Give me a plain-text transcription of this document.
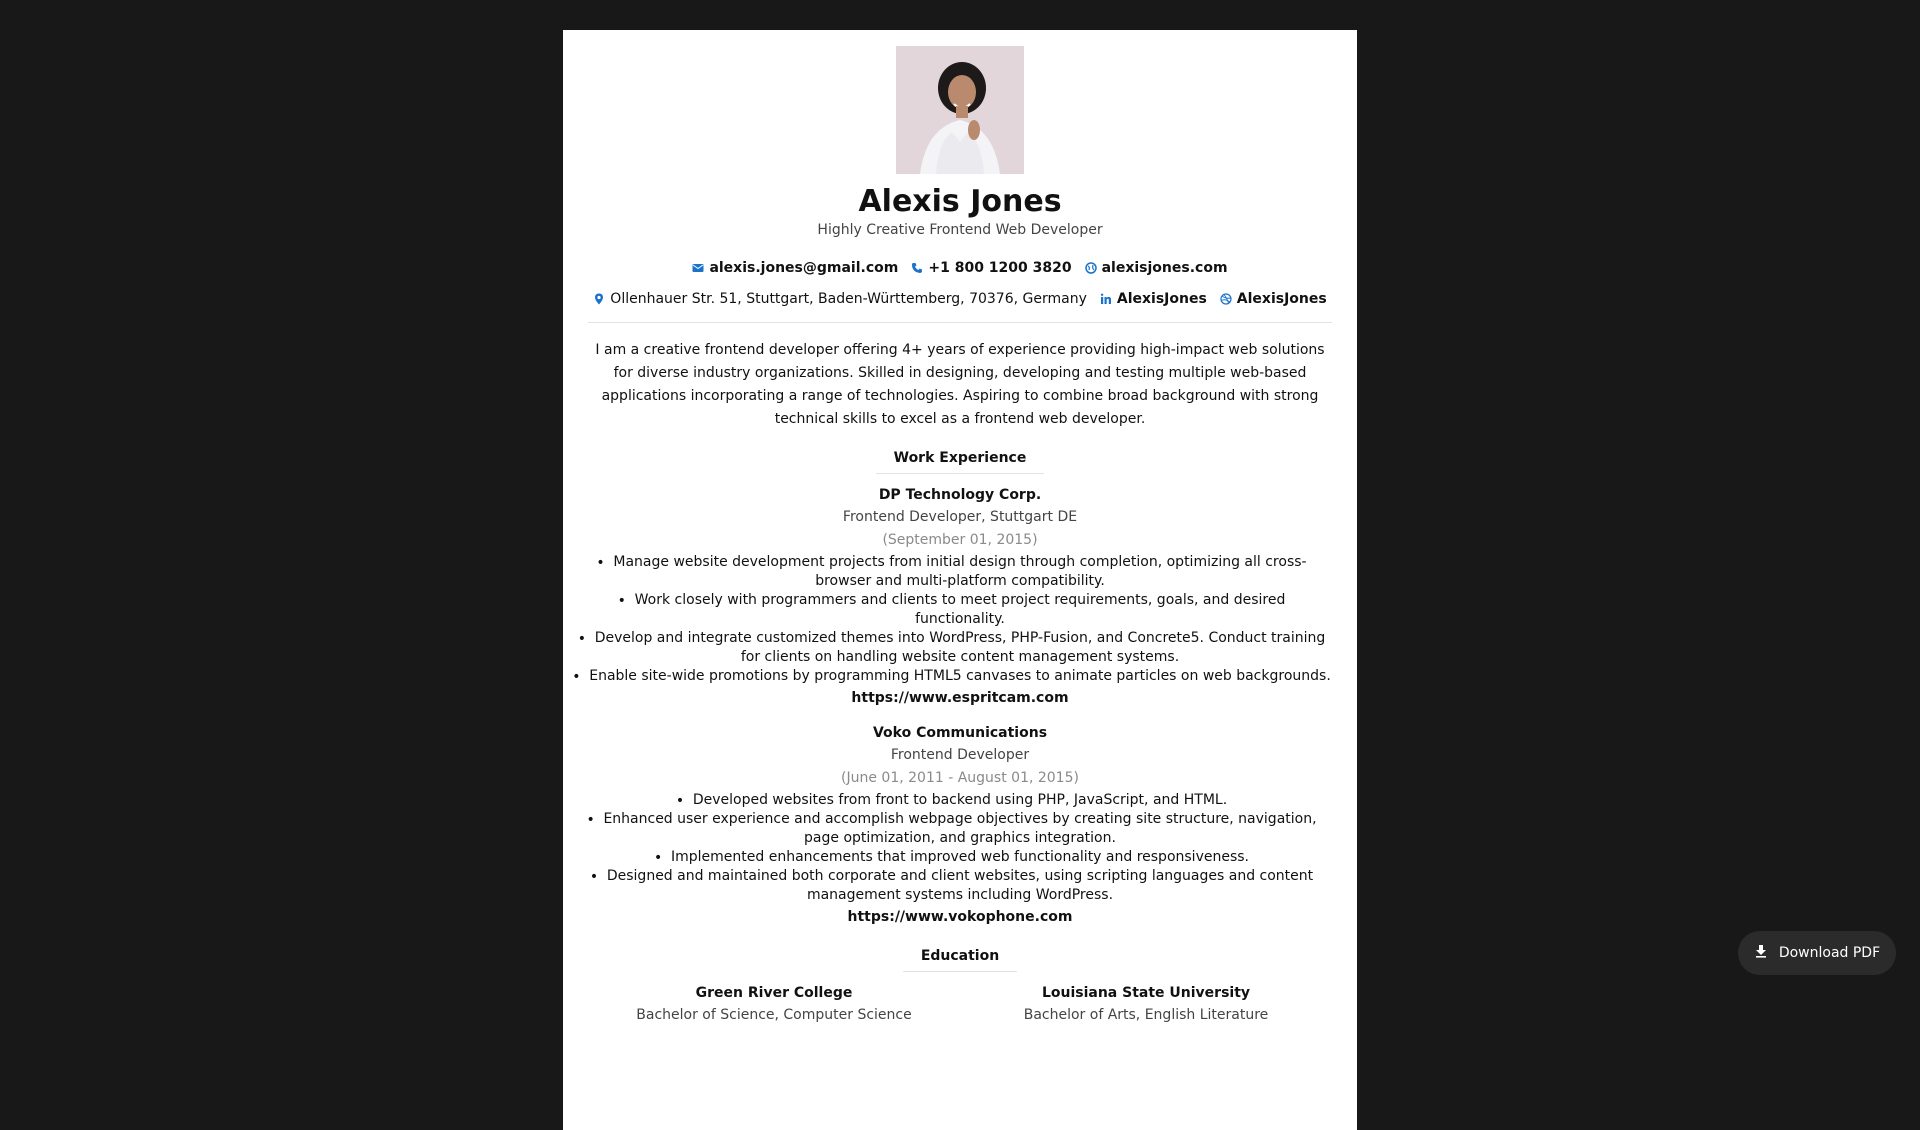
Alexis Jones
Highly Creative Frontend Web Developer
alexis.jones@gmail.com +1 800 1200 3820 alexisjones.com
Ollenhauer Str. 51, Stuttgart, Baden-Württemberg, 70376, Germany AlexisJones AlexisJones

I am a creative frontend developer offering 4+ years of experience providing high-impact web solutions for diverse industry organizations. Skilled in designing, developing and testing multiple web-based applications incorporating a range of technologies. Aspiring to combine broad background with strong technical skills to excel as a frontend web developer.

Work Experience
DP Technology Corp.
Frontend Developer, Stuttgart DE
(September 01, 2015)
• Manage website development projects from initial design through completion, optimizing all cross-browser and multi-platform compatibility.
• Work closely with programmers and clients to meet project requirements, goals, and desired functionality.
• Develop and integrate customized themes into WordPress, PHP-Fusion, and Concrete5. Conduct training for clients on handling website content management systems.
• Enable site-wide promotions by programming HTML5 canvases to animate particles on web backgrounds.
https://www.espritcam.com
Voko Communications
Frontend Developer
(June 01, 2011 - August 01, 2015)
• Developed websites from front to backend using PHP, JavaScript, and HTML.
• Enhanced user experience and accomplish webpage objectives by creating site structure, navigation, page optimization, and graphics integration.
• Implemented enhancements that improved web functionality and responsiveness.
• Designed and maintained both corporate and client websites, using scripting languages and content management systems including WordPress.
https://www.vokophone.com
Education
Green River College
Bachelor of Science, Computer Science
Louisiana State University
Bachelor of Arts, English Literature
Download PDF
